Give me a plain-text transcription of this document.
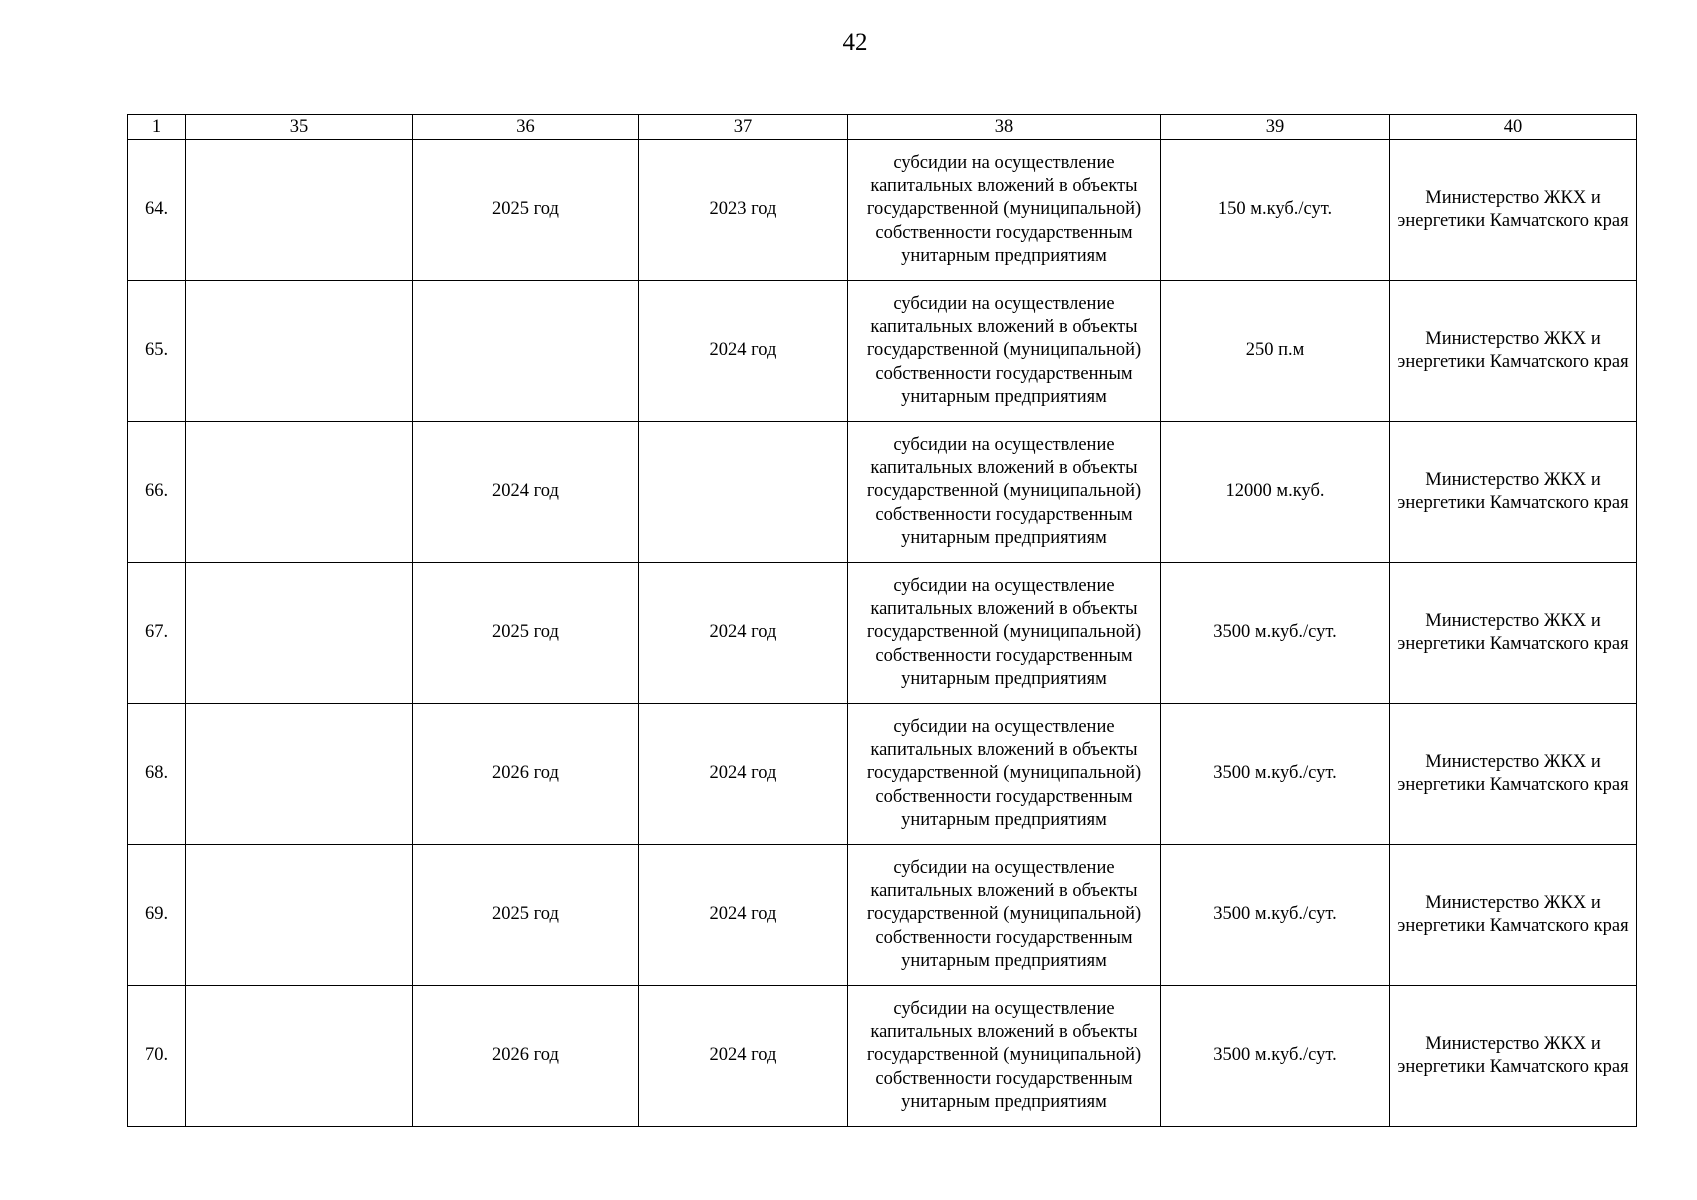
42
1	35	36	37	38	39	40
64.		2025 год	2023 год	субсидии на осуществление капитальных вложений в объекты государственной (муниципальной) собственности государственным унитарным предприятиям	150 м.куб./сут.	Министерство ЖКХ и энергетики Камчатского края
65.			2024 год	субсидии на осуществление капитальных вложений в объекты государственной (муниципальной) собственности государственным унитарным предприятиям	250 п.м	Министерство ЖКХ и энергетики Камчатского края
66.		2024 год		субсидии на осуществление капитальных вложений в объекты государственной (муниципальной) собственности государственным унитарным предприятиям	12000 м.куб.	Министерство ЖКХ и энергетики Камчатского края
67.		2025 год	2024 год	субсидии на осуществление капитальных вложений в объекты государственной (муниципальной) собственности государственным унитарным предприятиям	3500 м.куб./сут.	Министерство ЖКХ и энергетики Камчатского края
68.		2026 год	2024 год	субсидии на осуществление капитальных вложений в объекты государственной (муниципальной) собственности государственным унитарным предприятиям	3500 м.куб./сут.	Министерство ЖКХ и энергетики Камчатского края
69.		2025 год	2024 год	субсидии на осуществление капитальных вложений в объекты государственной (муниципальной) собственности государственным унитарным предприятиям	3500 м.куб./сут.	Министерство ЖКХ и энергетики Камчатского края
70.		2026 год	2024 год	субсидии на осуществление капитальных вложений в объекты государственной (муниципальной) собственности государственным унитарным предприятиям	3500 м.куб./сут.	Министерство ЖКХ и энергетики Камчатского края
